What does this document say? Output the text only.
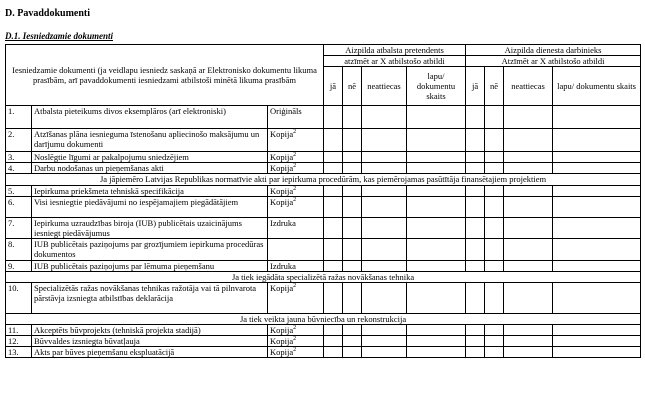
D. Pavaddokumenti
D.1. Iesniedzamie dokumenti
Iesniedzamie dokumenti (ja veidlapu iesniedz saskaņā ar Elektronisko dokumentu likuma prasībām, arī pavaddokumenti iesniedzami atbilstoši minētā likuma prasībām			Aizpilda atbalsta pretendents				Aizpilda dienesta darbinieks			
			atzīmēt ar X atbilstošo atbildi				Atzīmēt ar X atbilstošo atbildi			
			jā	nē	neattiecas	lapu/ dokumentu skaits	jā	nē	neattiecas	lapu/ dokumentu skaits
1.	Atbalsta pieteikums divos eksemplāros (arī elektroniski)	Oriģināls								
2.	Atzīšanas plāna iesnieguma īstenošanu apliecinošo maksājumu un darījumu dokumenti	Kopija$^2$								
3.	Noslēgtie līgumi ar pakalpojumu sniedzējiem	Kopija$^2$								
4.	Darbu nodošanas un pieņemšanas akti	Kopija$^2$								
Ja jāpiemēro Latvijas Republikas normatīvie akti par iepirkuma procedūrām, kas piemērojamas pasūtītāja finansētajiem projektiem										
5.	Iepirkuma priekšmeta tehniskā specifikācija	Kopija$^2$								
6.	Visi iesniegtie piedāvājumi no iespējamajiem piegādātājiem	Kopija$^2$								
7.	Iepirkuma uzraudzības biroja (IUB) publicētais uzaicinājums iesniegt piedāvājumus	Izdruka								
8.	IUB publicētais paziņojums par grozījumiem iepirkuma procedūras dokumentos									
9.	IUB publicētais paziņojums par lēmuma pieņemšanu	Izdruka								
Ja tiek iegādāta specializētā ražas novākšanas tehnika										
10.	Specializētās ražas novākšanas tehnikas ražotāja vai tā pilnvarota pārstāvja izsniegta atbilstības deklarācija	Kopija$^2$								
Ja tiek veikta jauna būvniecība un rekonstrukcija										
11.	Akceptēts būvprojekts (tehniskā projekta stadijā)	Kopija$^2$								
12.	Būvvaldes izsniegta būvatļauja	Kopija$^2$								
13.	Akts par būves pieņemšanu ekspluatācijā	Kopija$^2$								
